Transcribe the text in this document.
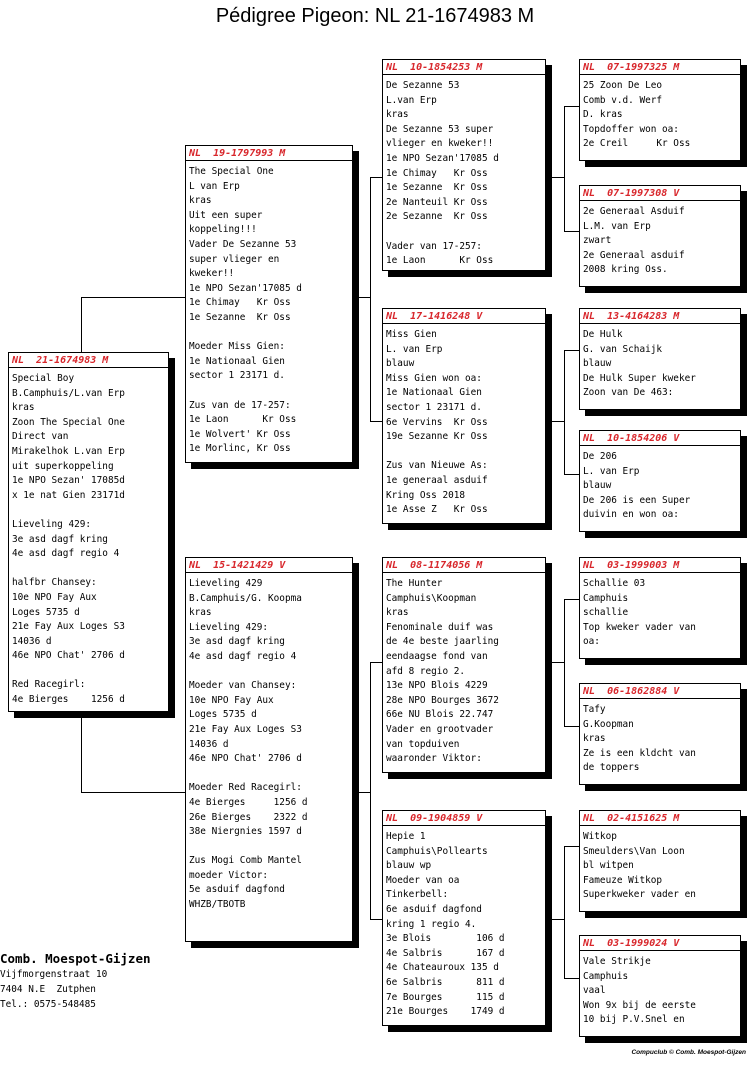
Pédigree Pigeon: NL 21-1674983 M
NL  21-1674983 M
Special Boy
B.Camphuis/L.van Erp
kras
Zoon The Special One
Direct van
Mirakelhok L.van Erp
uit superkoppeling
1e NPO Sezan' 17085d
x 1e nat Gien 23171d

Lieveling 429:
3e asd dagf kring
4e asd dagf regio 4

halfbr Chansey:
10e NPO Fay Aux
Loges 5735 d
21e Fay Aux Loges S3
14036 d
46e NPO Chat' 2706 d

Red Racegirl:
4e Bierges    1256 d
NL  19-1797993 M
The Special One
L van Erp
kras
Uit een super
koppeling!!!
Vader De Sezanne 53
super vlieger en
kweker!!
1e NPO Sezan'17085 d
1e Chimay   Kr Oss
1e Sezanne  Kr Oss

Moeder Miss Gien:
1e Nationaal Gien
sector 1 23171 d.

Zus van de 17-257:
1e Laon      Kr Oss
1e Wolvert' Kr Oss
1e Morlinc, Kr Oss
NL  15-1421429 V
Lieveling 429
B.Camphuis/G. Koopma
kras
Lieveling 429:
3e asd dagf kring
4e asd dagf regio 4

Moeder van Chansey:
10e NPO Fay Aux
Loges 5735 d
21e Fay Aux Loges S3
14036 d
46e NPO Chat' 2706 d

Moeder Red Racegirl:
4e Bierges     1256 d
26e Bierges    2322 d
38e Niergnies 1597 d

Zus Mogi Comb Mantel
moeder Victor:
5e asduif dagfond
WHZB/TBOTB
NL  10-1854253 M
De Sezanne 53
L.van Erp
kras
De Sezanne 53 super
vlieger en kweker!!
1e NPO Sezan'17085 d
1e Chimay   Kr Oss
1e Sezanne  Kr Oss
2e Nanteuil Kr Oss
2e Sezanne  Kr Oss

Vader van 17-257:
1e Laon      Kr Oss
NL  17-1416248 V
Miss Gien
L. van Erp
blauw
Miss Gien won oa:
1e Nationaal Gien
sector 1 23171 d.
6e Vervins  Kr Oss
19e Sezanne Kr Oss

Zus van Nieuwe As:
1e generaal asduif
Kring Oss 2018
1e Asse Z   Kr Oss
NL  08-1174056 M
The Hunter
Camphuis\Koopman
kras
Fenominale duif was
de 4e beste jaarling
eendaagse fond van
afd 8 regio 2.
13e NPO Blois 4229
28e NPO Bourges 3672
66e NU Blois 22.747
Vader en grootvader
van topduiven
waaronder Viktor:
NL  09-1904859 V
Hepie 1
Camphuis\Pollearts
blauw wp
Moeder van oa
Tinkerbell:
6e asduif dagfond
kring 1 regio 4.
3e Blois        106 d
4e Salbris      167 d
4e Chateauroux 135 d
6e Salbris      811 d
7e Bourges      115 d
21e Bourges    1749 d
NL  07-1997325 M
25 Zoon De Leo
Comb v.d. Werf
D. kras
Topdoffer won oa:
2e Creil     Kr Oss
NL  07-1997308 V
2e Generaal Asduif
L.M. van Erp
zwart
2e Generaal asduif
2008 kring Oss.
NL  13-4164283 M
De Hulk
G. van Schaijk
blauw
De Hulk Super kweker
Zoon van De 463:
NL  10-1854206 V
De 206
L. van Erp
blauw
De 206 is een Super
duivin en won oa:
NL  03-1999003 M
Schallie 03
Camphuis
schallie
Top kweker vader van
oa:
NL  06-1862884 V
Tafy
G.Koopman
kras
Ze is een kldcht van
de toppers
NL  02-4151625 M
Witkop
Smeulders\Van Loon
bl witpen
Fameuze Witkop
Superkweker vader en
NL  03-1999024 V
Vale Strikje
Camphuis
vaal
Won 9x bij de eerste
10 bij P.V.Snel en
Comb. Moespot-Gijzen
Vijfmorgenstraat 10
7404 N.E  Zutphen
Tel.: 0575-548485
Compuclub © Comb. Moespot-Gijzen
